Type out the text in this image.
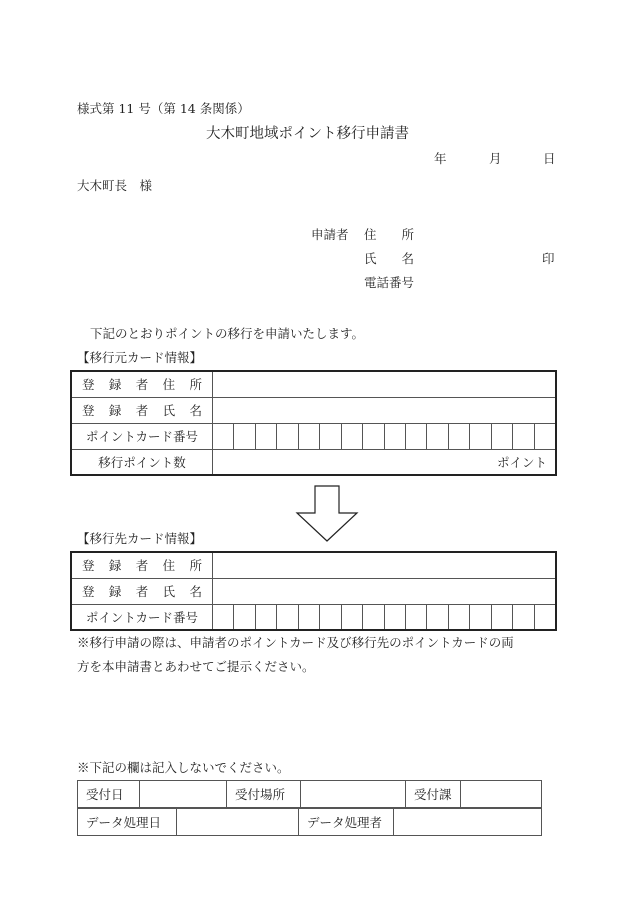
様式第 11 号（第 14 条関係）
大木町地域ポイント移行申請書
年	月	日
大木町長　様
申請者 住　　所
氏　　名	印
電話番号
下記のとおりポイントの移行を申請いたします。
【移行元カード情報】
登録者住所	
登録者氏名	
ポイントカード番号	

移行ポイント数	ポイント
【移行先カード情報】
登録者住所	
登録者氏名	
ポイントカード番号	
※移行申請の際は、申請者のポイントカード及び移行先のポイントカードの両
方を本申請書とあわせてご提示ください。
※下記の欄は記入しないでください。
受付日		受付場所		受付課	
データ処理日		データ処理者	
